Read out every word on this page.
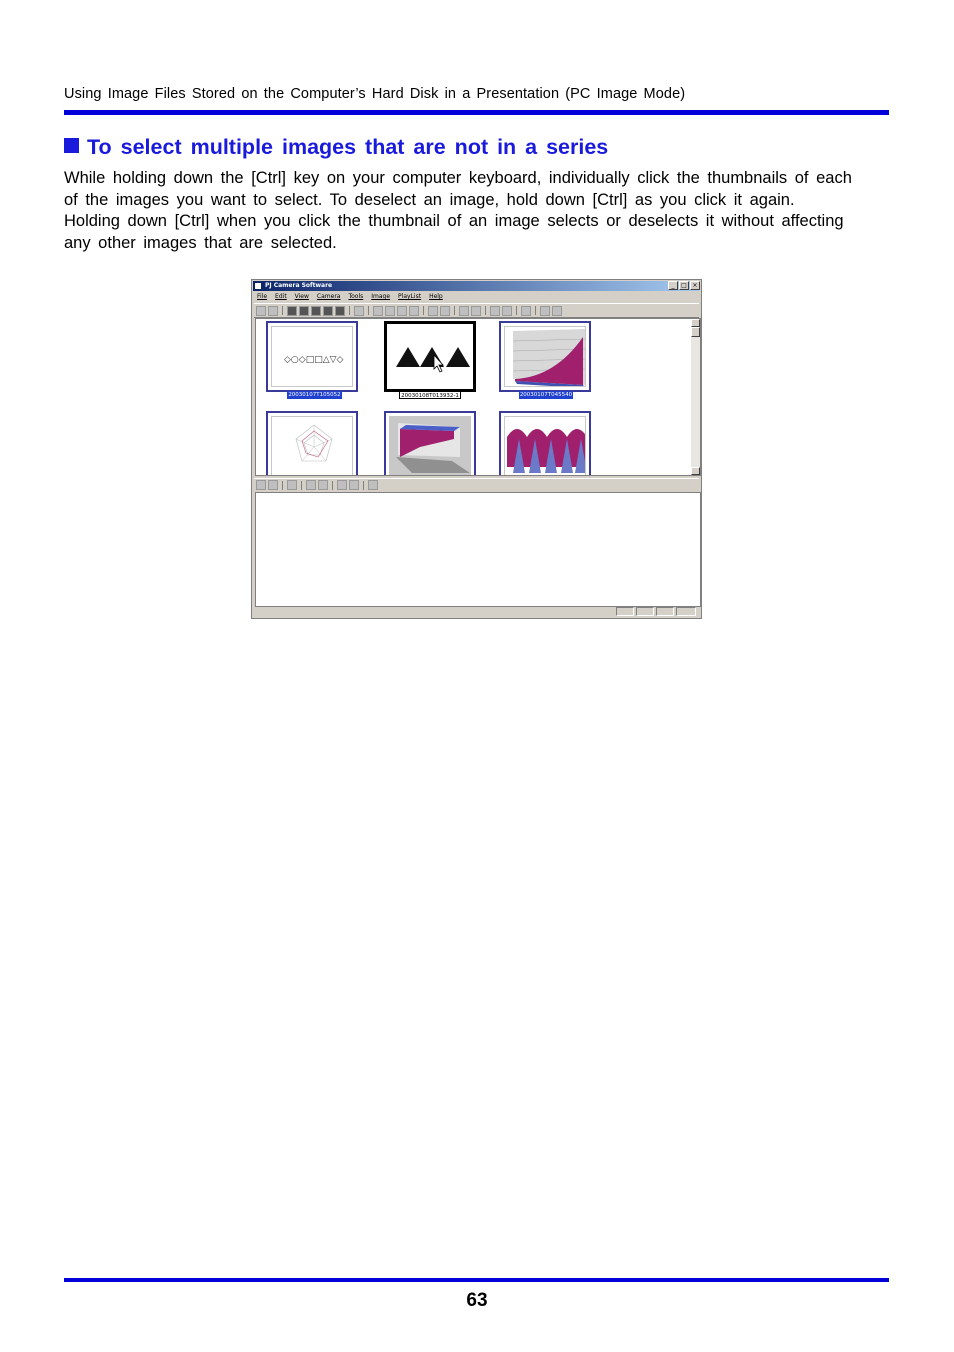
Using Image Files Stored on the Computer’s Hard Disk in a Presentation (PC Image Mode)
To select multiple images that are not in a series
While holding down the [Ctrl] key on your computer keyboard, individually click the thumbnails of each of the images you want to select. To deselect an image, hold down [Ctrl] as you click it again. Holding down [Ctrl] when you click the thumbnail of an image selects or deselects it without affecting any other images that are selected.
PJ Camera Software	_	□ ×
File Edit View Camera Tools Image PlayList Help
◇○◇□□△▽◇
20030107T105052	20030108T013932-1	20030107T045540
63
